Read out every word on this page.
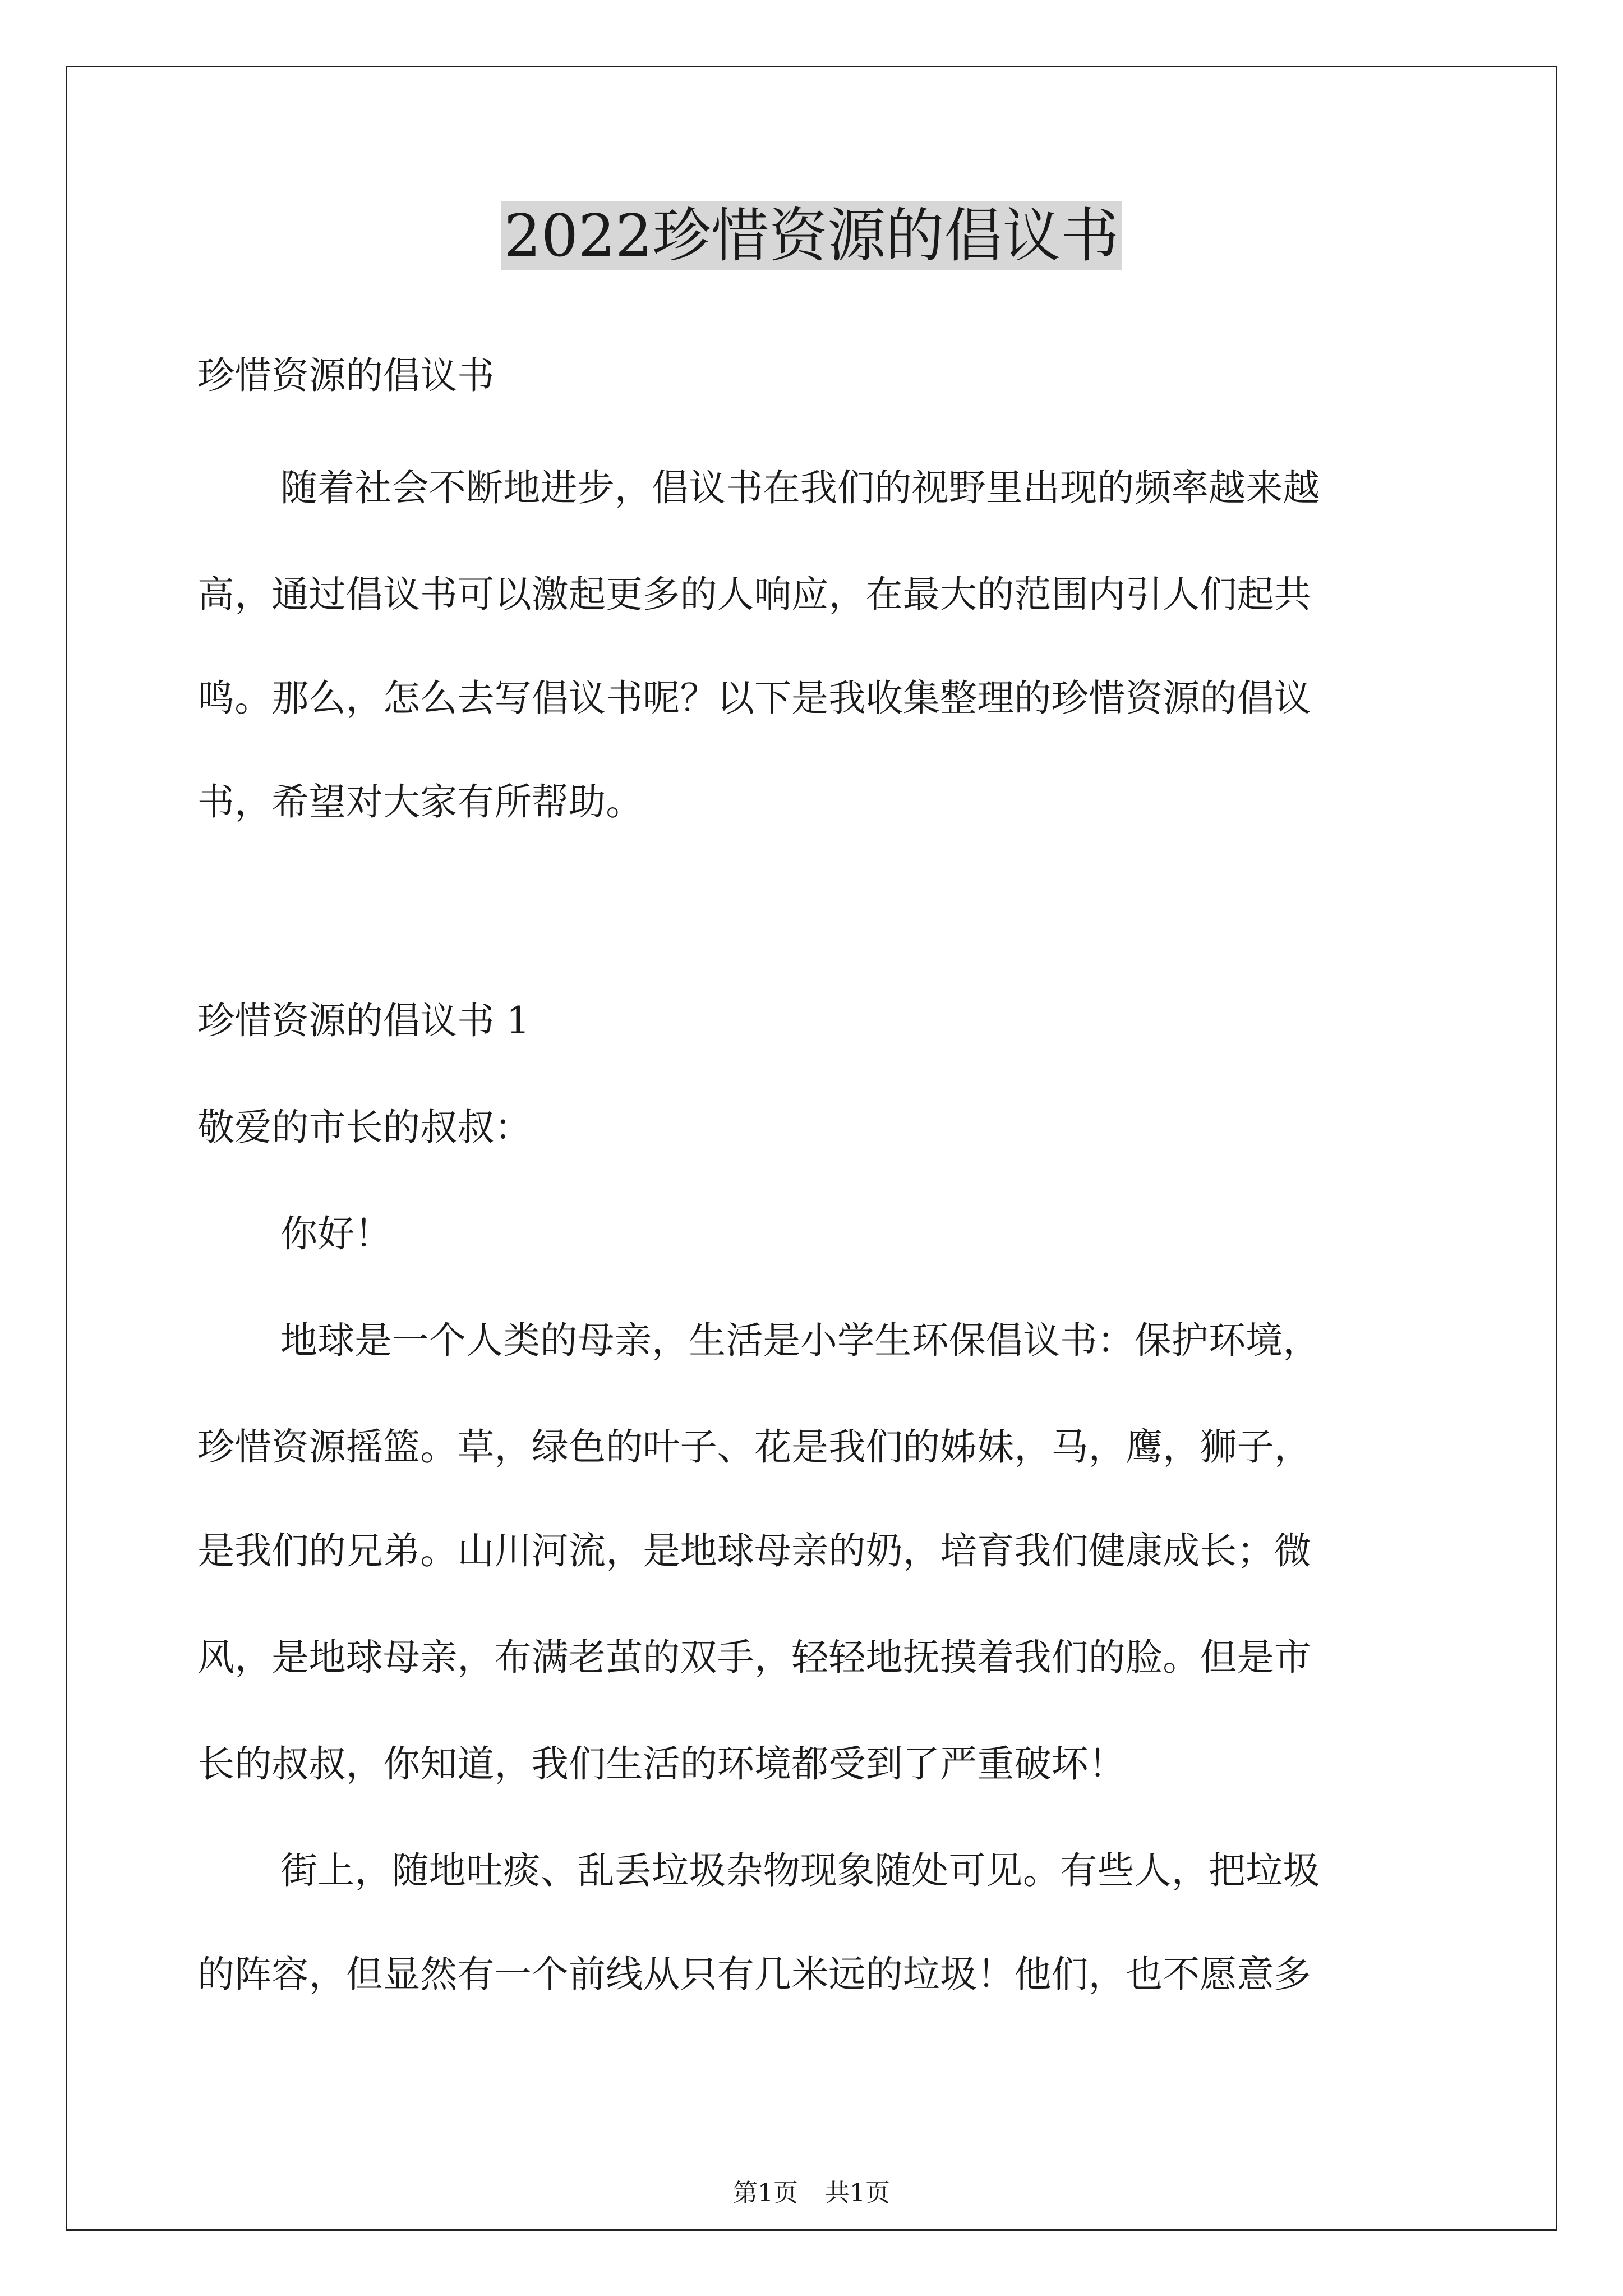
2022珍惜资源的倡议书
珍惜资源的倡议书
随着社会不断地进步，倡议书在我们的视野里出现的频率越来越
高，通过倡议书可以激起更多的人响应，在最大的范围内引人们起共
鸣。那么，怎么去写倡议书呢？以下是我收集整理的珍惜资源的倡议
书，希望对大家有所帮助。
珍惜资源的倡议书 1
敬爱的市长的叔叔：
你好！
地球是一个人类的母亲，生活是小学生环保倡议书：保护环境，
珍惜资源摇篮。草，绿色的叶子、花是我们的姊妹，马，鹰，狮子，
是我们的兄弟。山川河流，是地球母亲的奶，培育我们健康成长；微
风，是地球母亲，布满老茧的双手，轻轻地抚摸着我们的脸。但是市
长的叔叔，你知道，我们生活的环境都受到了严重破坏！
街上，随地吐痰、乱丢垃圾杂物现象随处可见。有些人，把垃圾
的阵容，但显然有一个前线从只有几米远的垃圾！他们，也不愿意多
第1页 共1页
